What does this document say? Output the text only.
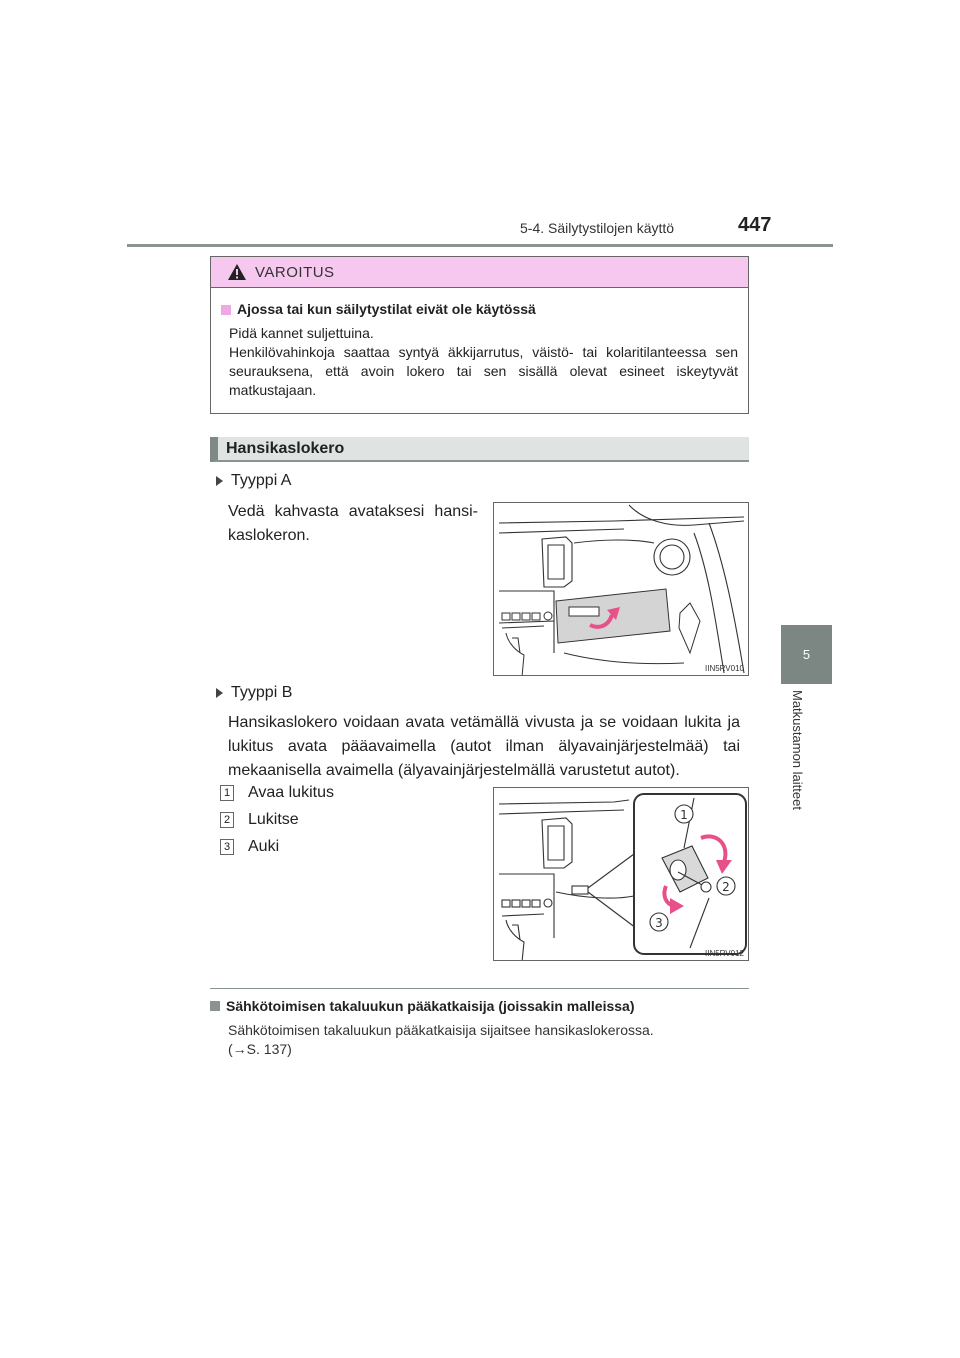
5-4. Säilytystilojen käyttö	447
5
Matkustamon laitteet
VAROITUS
Ajossa tai kun säilytystilat eivät ole käytössä

Pidä kannet suljettuina.

Henkilövahinkoja saattaa syntyä äkkijarrutus, väistö- tai kolaritilanteessa sen seurauksena, että avoin lokero tai sen sisällä olevat esineet iskeytyvät matkustajaan.

Hansikaslokero
Tyyppi A
Vedä kahvasta avataksesi hansi-kaslokeron.
IIN5RV010
Tyyppi B
Hansikaslokero voidaan avata vetämällä vivusta ja se voidaan lukita ja lukitus avata pääavaimella (autot ilman älyavainjärjestelmää) tai mekaanisella avaimella (älyavainjärjestelmällä varustetut autot).
1 Avaa lukitus
2 Lukitse
3 Auki
1
2
3
IIN5RV012
Sähkötoimisen takaluukun pääkatkaisija (joissakin malleissa)

Sähkötoimisen takaluukun pääkatkaisija sijaitsee hansikaslokerossa.

(→S. 137)
